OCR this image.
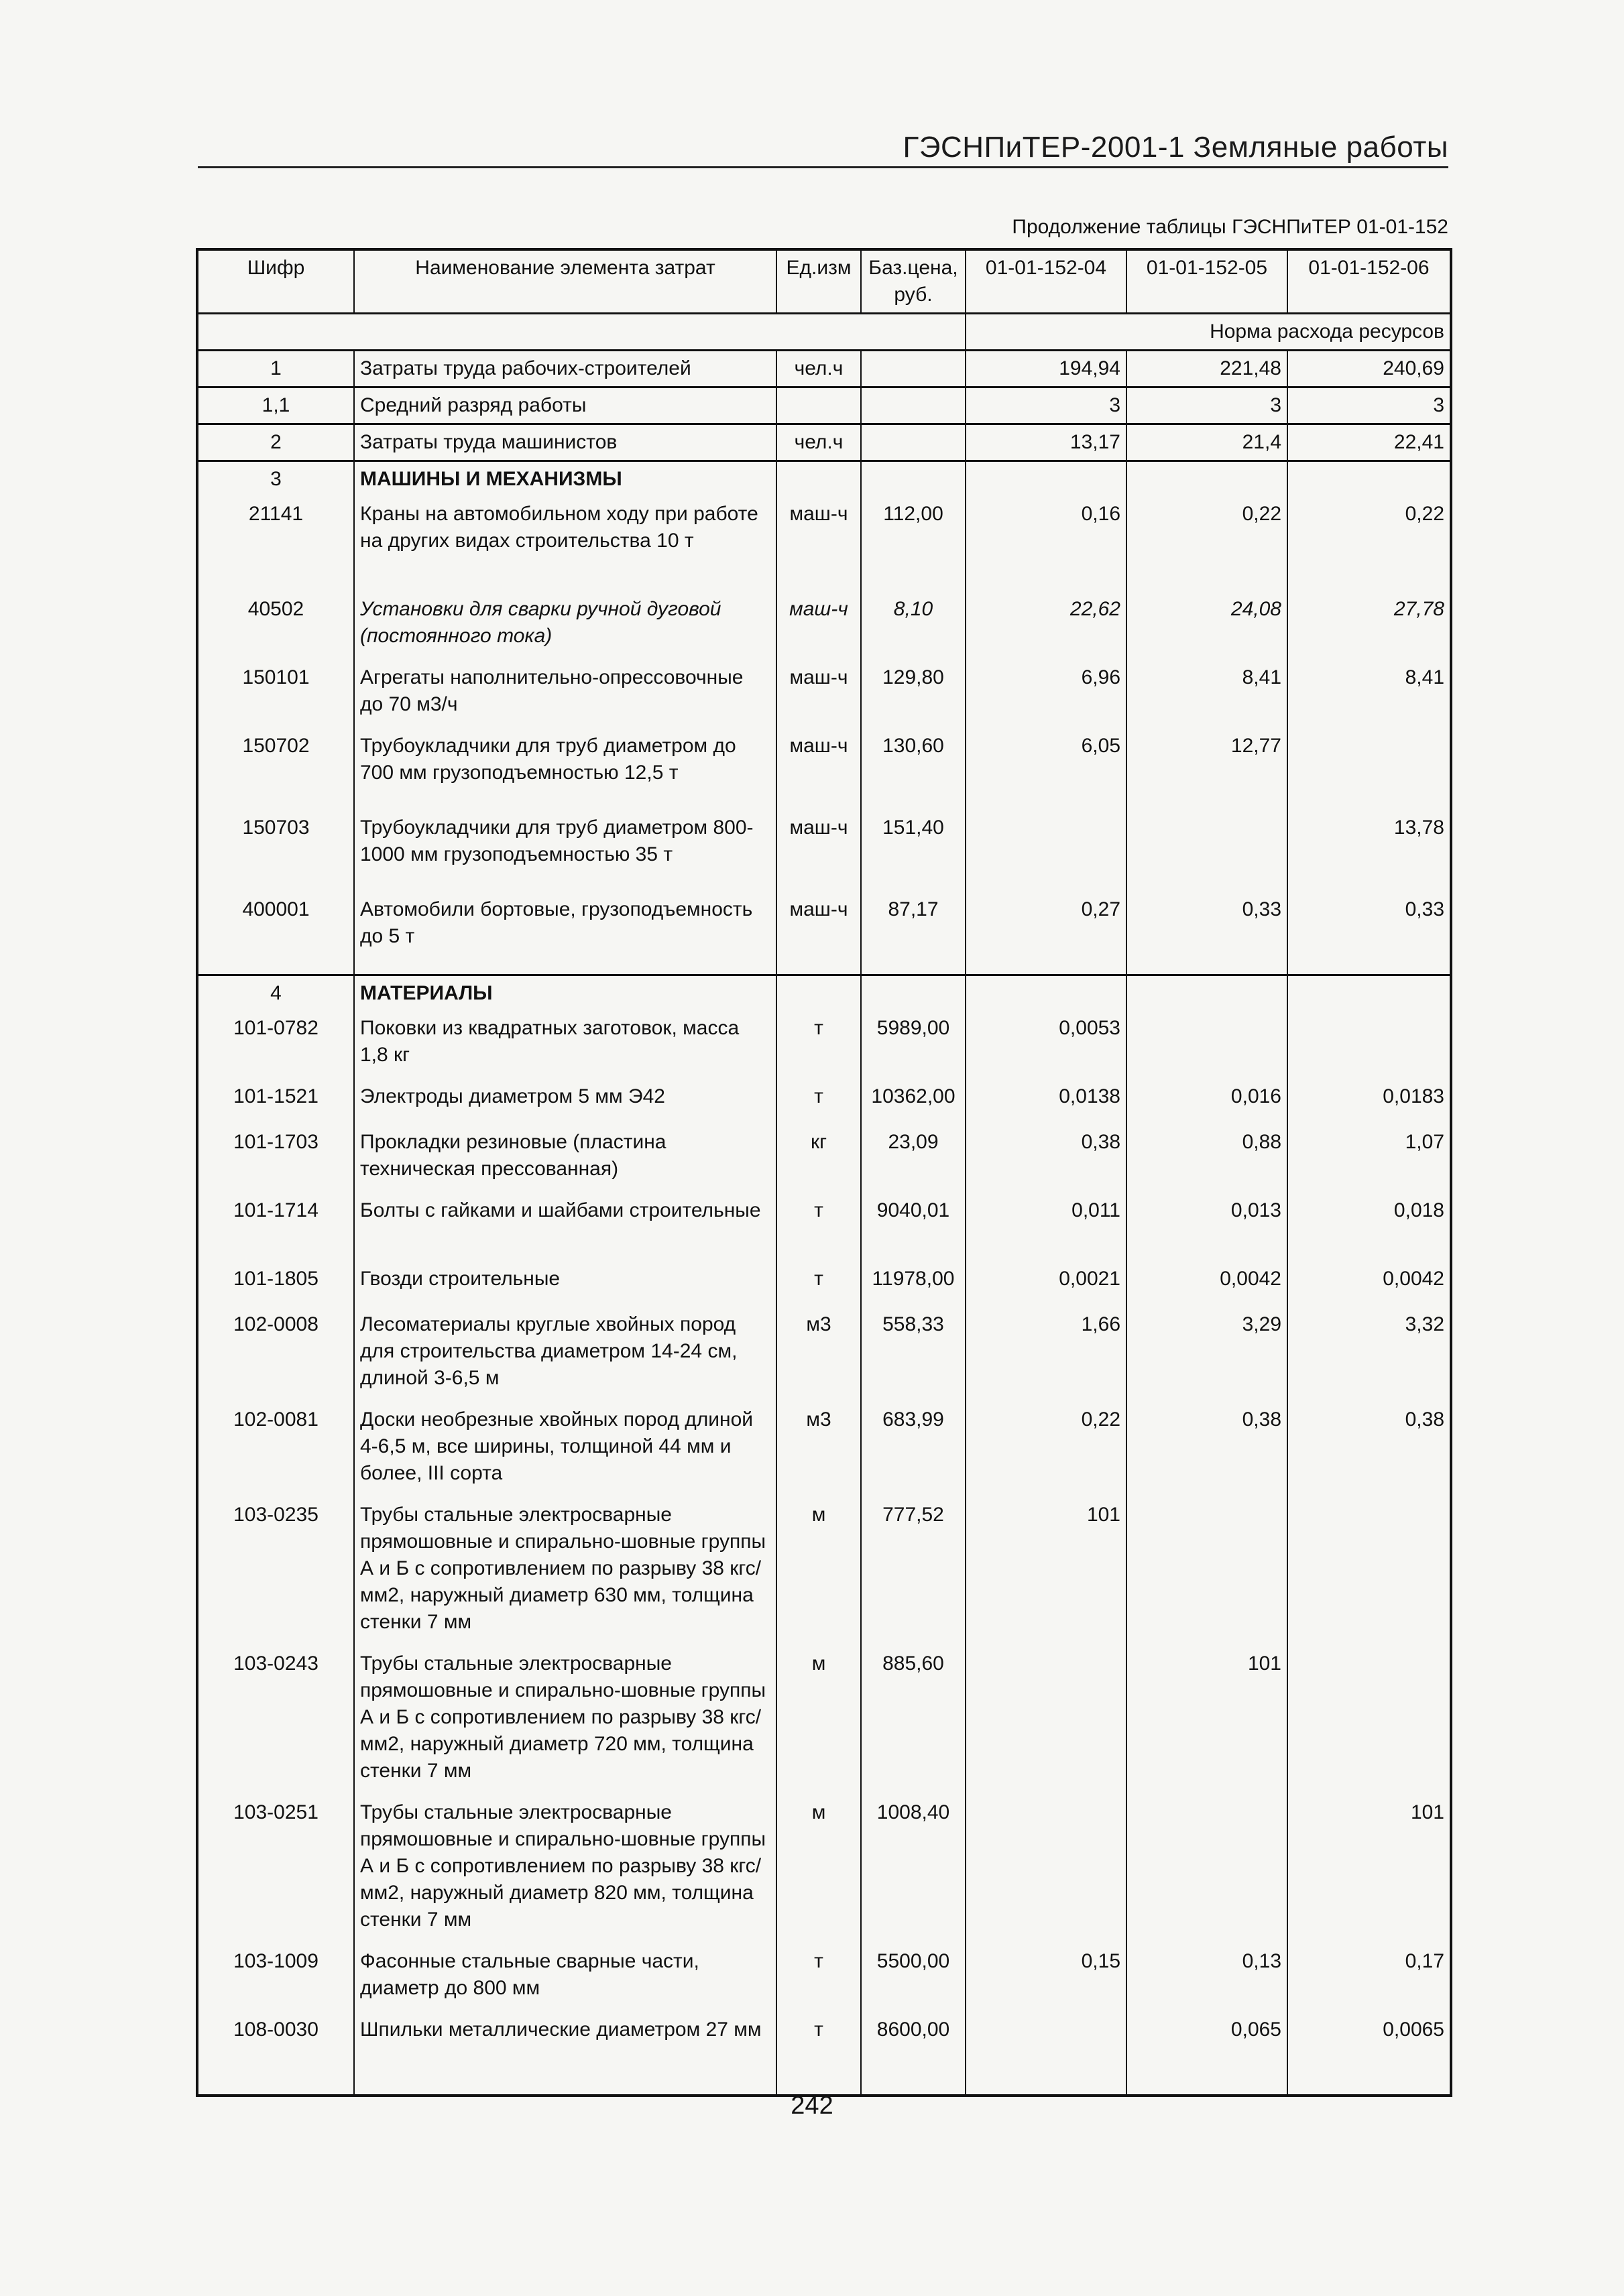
ГЭСНПиТЕР-2001-1 Земляные работы
Продолжение таблицы ГЭСНПиТЕР 01-01-152
Шифр	Наименование элемента затрат	Ед.изм	Баз.цена, руб.	01-01-152-04	01-01-152-05	01-01-152-06
				Норма расхода ресурсов		
1	Затраты труда рабочих-строителей	чел.ч		194,94	221,48	240,69
1,1	Средний разряд работы			3	3	3
2	Затраты труда машинистов	чел.ч		13,17	21,4	22,41
3	МАШИНЫ И МЕХАНИЗМЫ					
21141	Краны на автомобильном ходу при работе на других видах строительства 10 т	маш-ч	112,00	0,16	0,22	0,22
40502	Установки для сварки ручной дуговой (постоянного тока)	маш-ч	8,10	22,62	24,08	27,78
150101	Агрегаты наполнительно-опрессовочные до 70 м3/ч	маш-ч	129,80	6,96	8,41	8,41
150702	Трубоукладчики для труб диаметром до 700 мм грузоподъемностью 12,5 т	маш-ч	130,60	6,05	12,77	
150703	Трубоукладчики для труб диаметром 800-1000 мм грузоподъемностью 35 т	маш-ч	151,40			13,78
400001	Автомобили бортовые, грузоподъемность до 5 т	маш-ч	87,17	0,27	0,33	0,33
4	МАТЕРИАЛЫ					
101-0782	Поковки из квадратных заготовок, масса 1,8 кг	т	5989,00	0,0053		
101-1521	Электроды диаметром 5 мм Э42	т	10362,00	0,0138	0,016	0,0183
101-1703	Прокладки резиновые (пластина техническая прессованная)	кг	23,09	0,38	0,88	1,07
101-1714	Болты с гайками и шайбами строительные	т	9040,01	0,011	0,013	0,018
101-1805	Гвозди строительные	т	11978,00	0,0021	0,0042	0,0042
102-0008	Лесоматериалы круглые хвойных пород для строительства диаметром 14-24 см, длиной 3-6,5 м	м3	558,33	1,66	3,29	3,32
102-0081	Доски необрезные хвойных пород длиной 4-6,5 м, все ширины, толщиной 44 мм и более, III сорта	м3	683,99	0,22	0,38	0,38
103-0235	Трубы стальные электросварные прямошовные и спирально-шовные группы А и Б с сопротивлением по разрыву 38 кгс/мм2, наружный диаметр 630 мм, толщина стенки 7 мм	м	777,52	101		
103-0243	Трубы стальные электросварные прямошовные и спирально-шовные группы А и Б с сопротивлением по разрыву 38 кгс/мм2, наружный диаметр 720 мм, толщина стенки 7 мм	м	885,60		101	
103-0251	Трубы стальные электросварные прямошовные и спирально-шовные группы А и Б с сопротивлением по разрыву 38 кгс/мм2, наружный диаметр 820 мм, толщина стенки 7 мм	м	1008,40			101
103-1009	Фасонные стальные сварные части, диаметр до 800 мм	т	5500,00	0,15	0,13	0,17
108-0030	Шпильки металлические диаметром 27 мм	т	8600,00		0,065	0,0065
242
